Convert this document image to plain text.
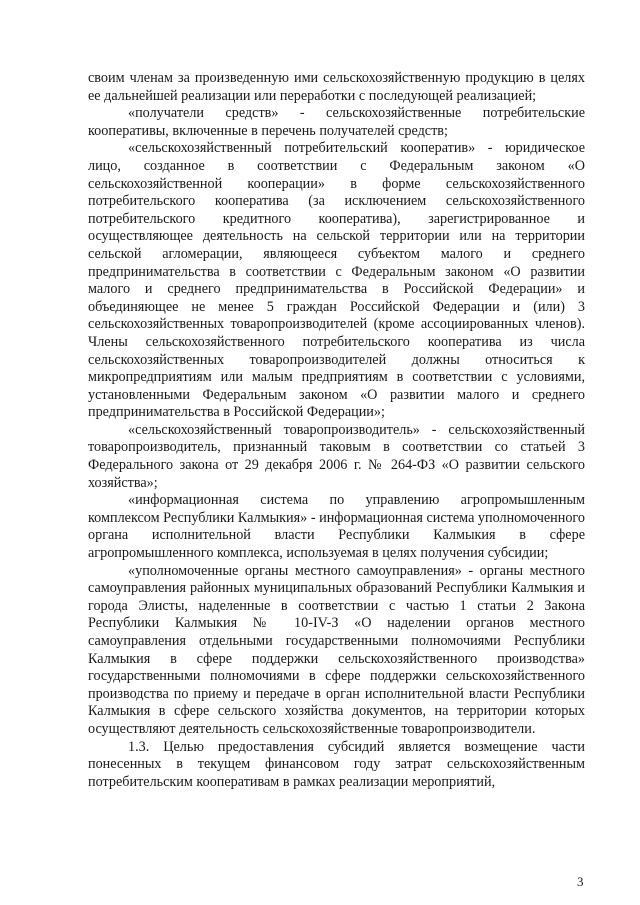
своим членам за произведенную ими сельскохозяйственную продукцию в целях ее дальнейшей реализации или переработки с последующей реализацией;

«получатели средств» - сельскохозяйственные потребительские кооперативы, включенные в перечень получателей средств;

«сельскохозяйственный потребительский кооператив» - юридическое лицо, созданное в соответствии с Федеральным законом «О сельскохозяйственной кооперации» в форме сельскохозяйственного потребительского кооператива (за исключением сельскохозяйственного потребительского кредитного кооператива), зарегистрированное и осуществляющее деятельность на сельской территории или на территории сельской агломерации, являющееся субъектом малого и среднего предпринимательства в соответствии с Федеральным законом «О развитии малого и среднего предпринимательства в Российской Федерации» и объединяющее не менее 5 граждан Российской Федерации и (или) 3 сельскохозяйственных товаропроизводителей (кроме ассоциированных членов). Члены сельскохозяйственного потребительского кооператива из числа сельскохозяйственных товаропроизводителей должны относиться к микропредприятиям или малым предприятиям в соответствии с условиями, установленными Федеральным законом «О развитии малого и среднего предпринимательства в Российской Федерации»;

«сельскохозяйственный товаропроизводитель» - сельскохозяйственный товаропроизводитель, признанный таковым в соответствии со статьей 3 Федерального закона от 29 декабря 2006 г. № 264-ФЗ «О развитии сельского хозяйства»;

«информационная система по управлению агропромышленным комплексом Республики Калмыкия» - информационная система уполномоченного органа исполнительной власти Республики Калмыкия в сфере агропромышленного комплекса, используемая в целях получения субсидии;

«уполномоченные органы местного самоуправления» - органы местного самоуправления районных муниципальных образований Республики Калмыкия и города Элисты, наделенные в соответствии с частью 1 статьи 2 Закона Республики Калмыкия № 10-IV-З «О наделении органов местного самоуправления отдельными государственными полномочиями Республики Калмыкия в сфере поддержки сельскохозяйственного производства» государственными полномочиями в сфере поддержки сельскохозяйственного производства по приему и передаче в орган исполнительной власти Республики Калмыкия в сфере сельского хозяйства документов, на территории которых осуществляют деятельность сельскохозяйственные товаропроизводители.

1.3. Целью предоставления субсидий является возмещение части понесенных в текущем финансовом году затрат сельскохозяйственным потребительским кооперативам в рамках реализации мероприятий,

3
